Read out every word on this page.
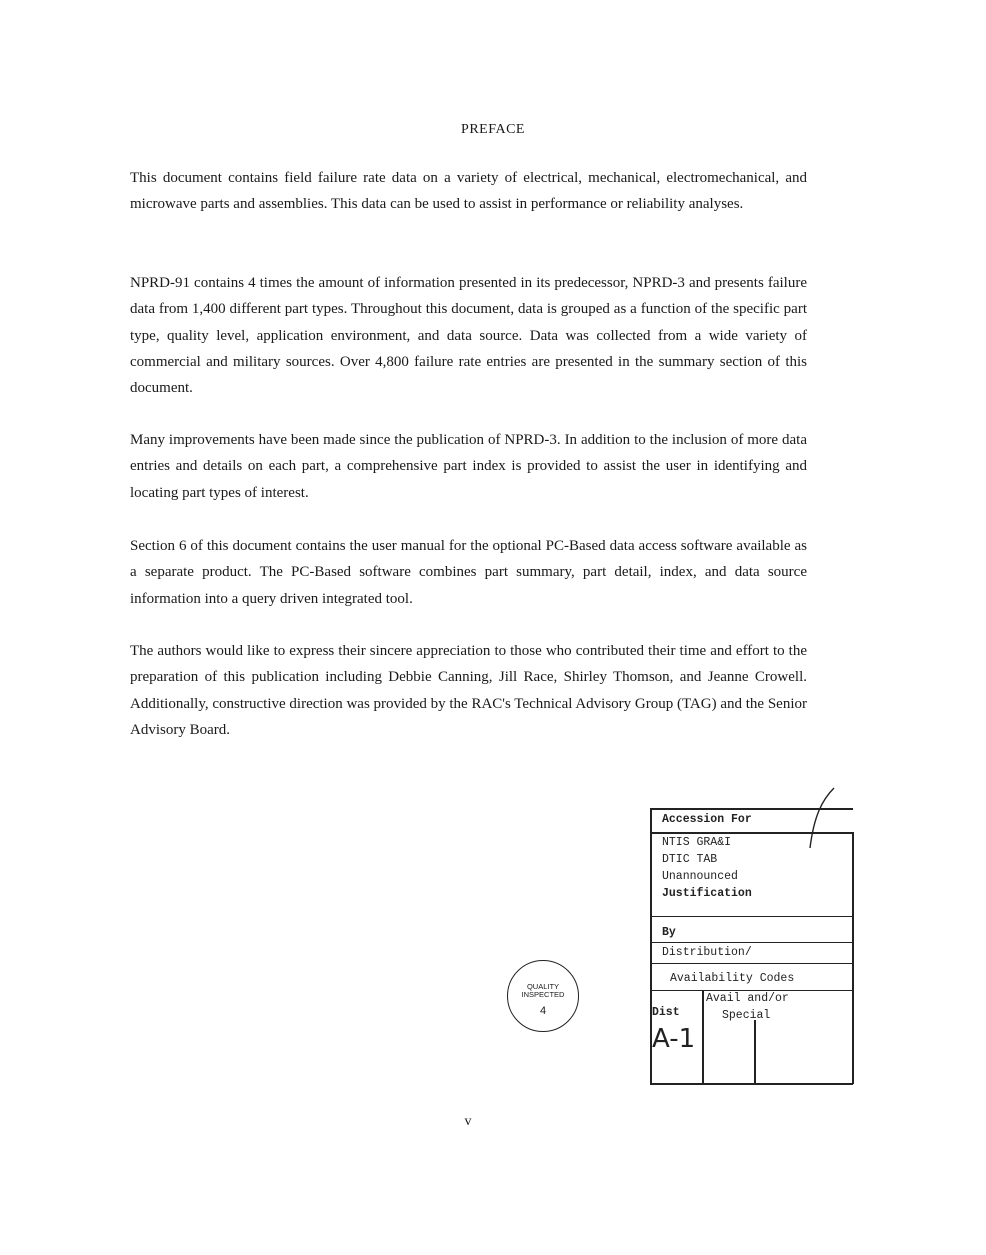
PREFACE

This document contains field failure rate data on a variety of electrical, mechanical, electromechanical, and microwave parts and assemblies. This data can be used to assist in performance or reliability analyses.

NPRD-91 contains 4 times the amount of information presented in its predecessor, NPRD-3 and presents failure data from 1,400 different part types. Throughout this document, data is grouped as a function of the specific part type, quality level, application environment, and data source. Data was collected from a wide variety of commercial and military sources. Over 4,800 failure rate entries are presented in the summary section of this document.

Many improvements have been made since the publication of NPRD-3. In addition to the inclusion of more data entries and details on each part, a comprehensive part index is provided to assist the user in identifying and locating part types of interest.

Section 6 of this document contains the user manual for the optional PC-Based data access software available as a separate product. The PC-Based software combines part summary, part detail, index, and data source information into a query driven integrated tool.

The authors would like to express their sincere appreciation to those who contributed their time and effort to the preparation of this publication including Debbie Canning, Jill Race, Shirley Thomson, and Jeanne Crowell. Additionally, constructive direction was provided by the RAC's Technical Advisory Group (TAG) and the Senior Advisory Board.

QUALITY
INSPECTED
4
Accession For
NTIS GRA&I
DTIC TAB
Unannounced
Justification
By
Distribution/
Availability Codes
Avail and/or
Dist	Special
A-1
v
